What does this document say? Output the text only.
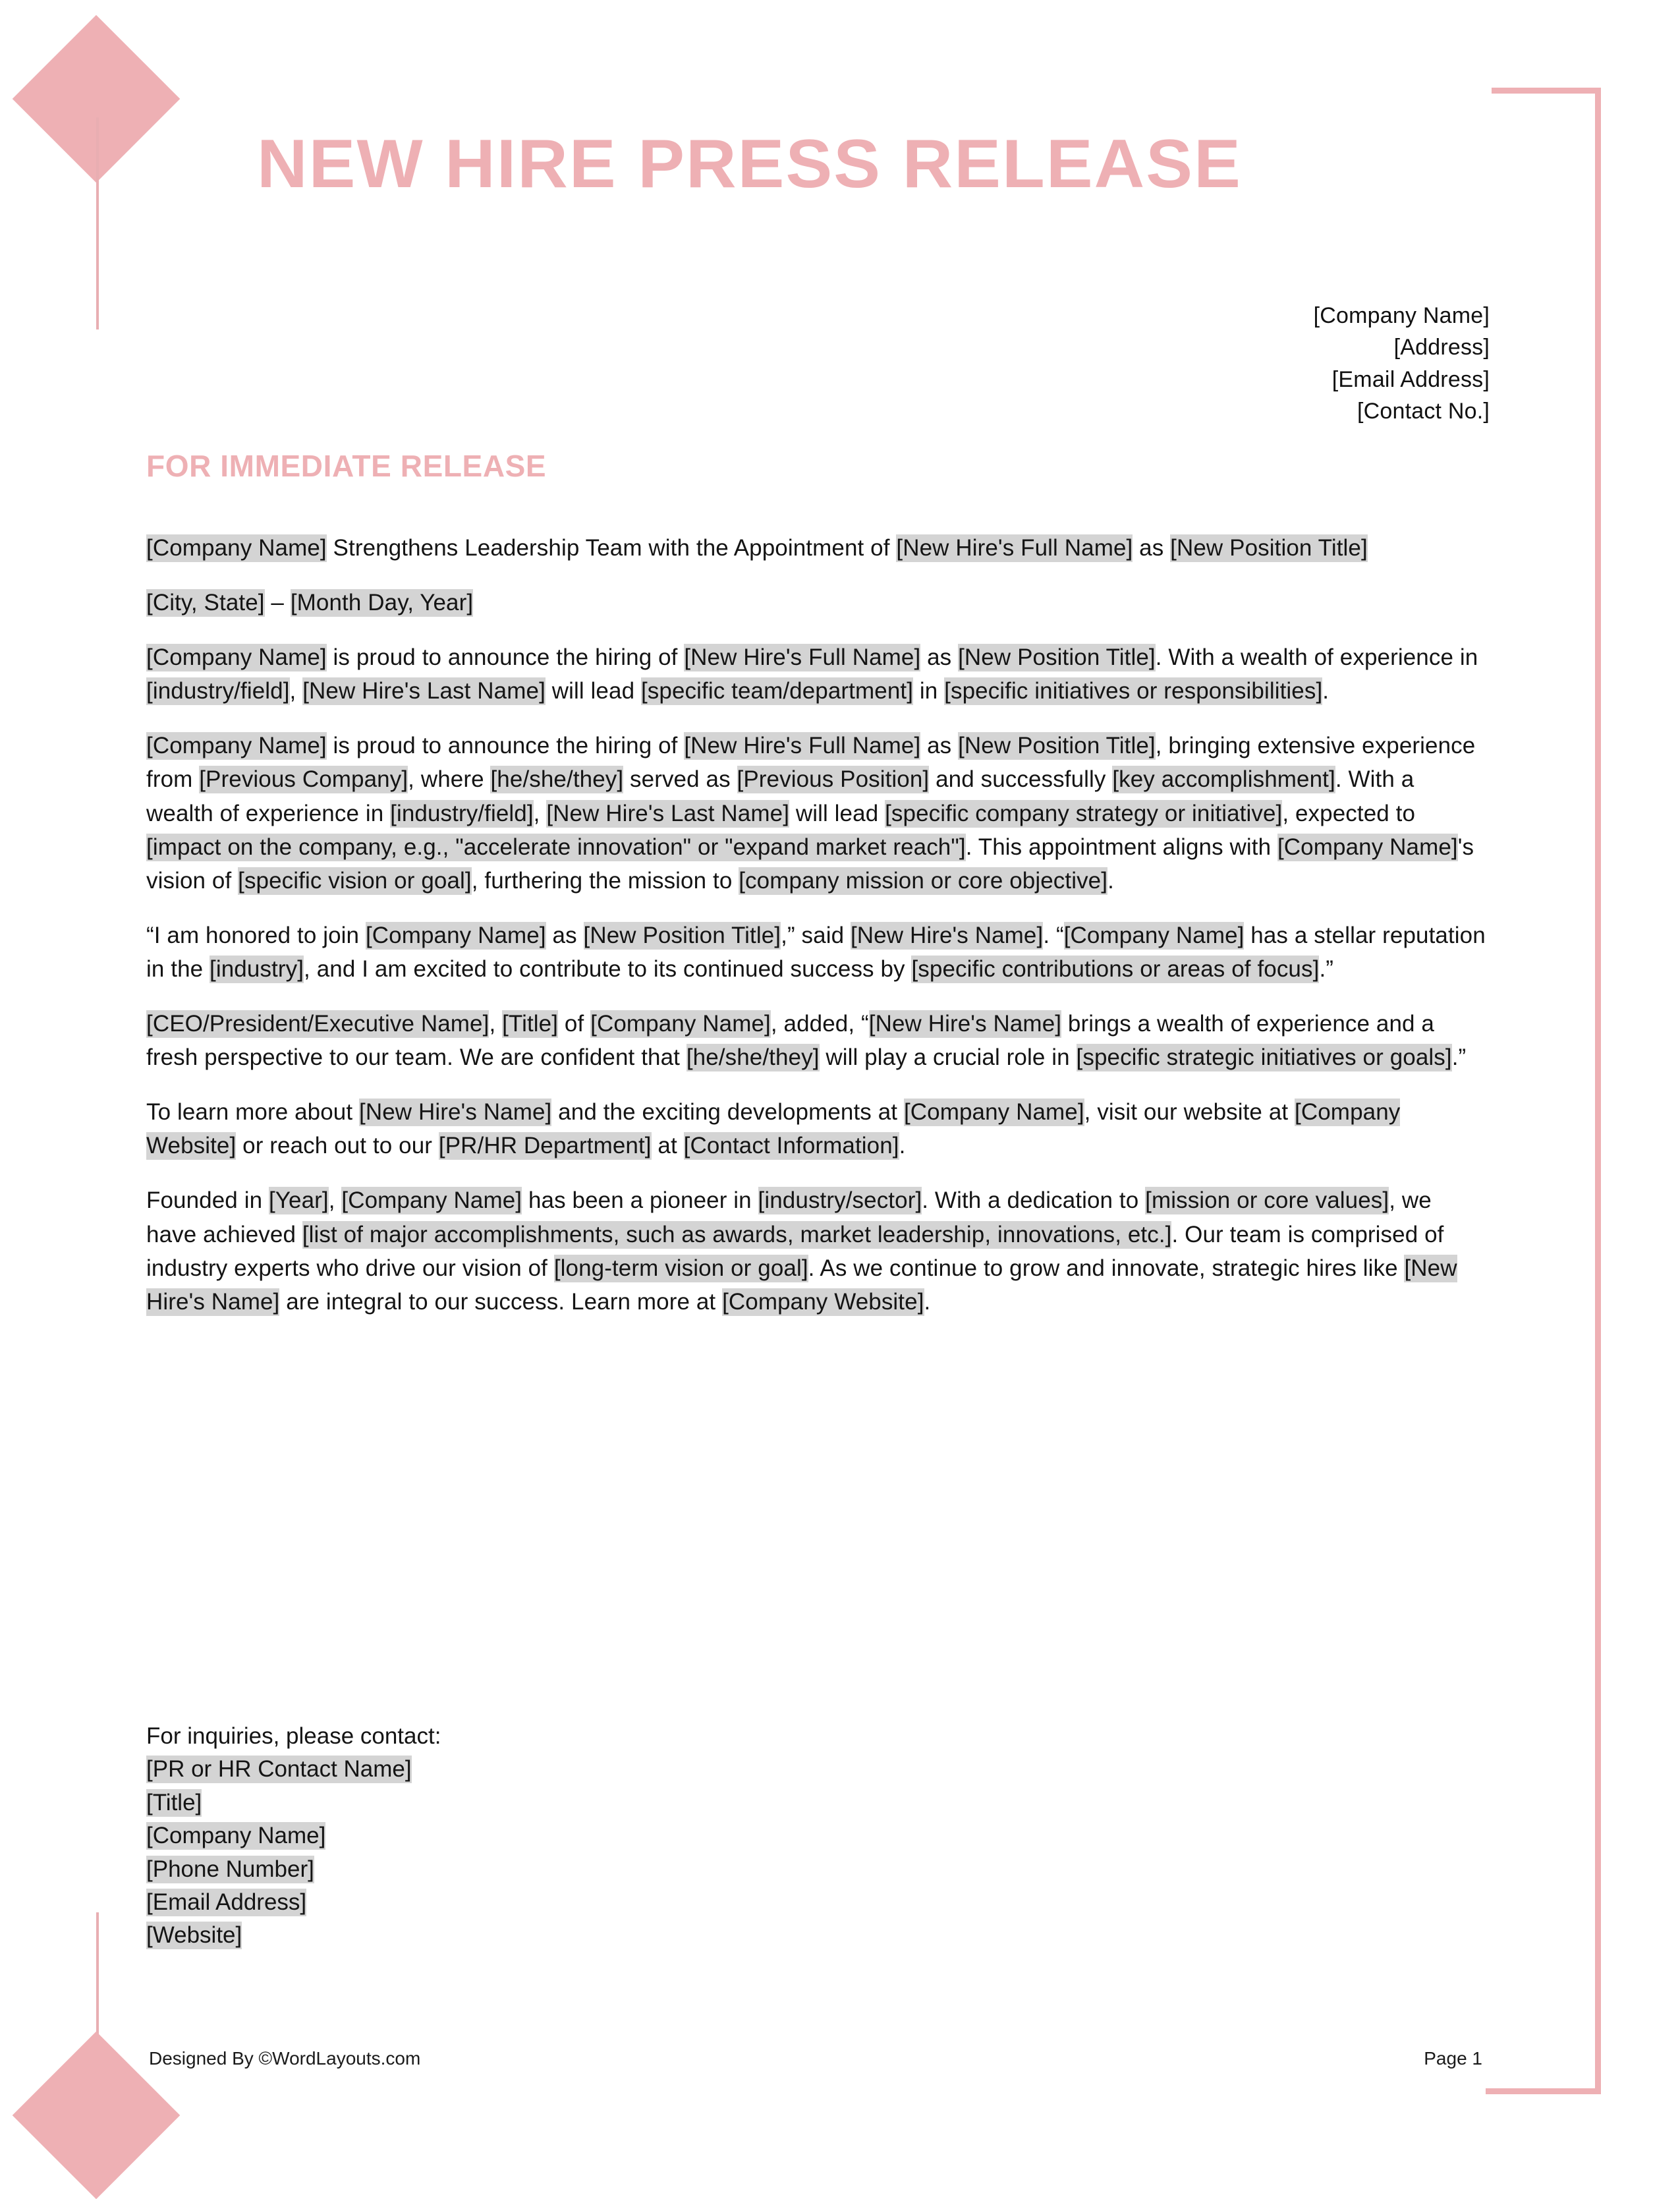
NEW HIRE PRESS RELEASE
[Company Name]
[Address]
[Email Address]
[Contact No.]
FOR IMMEDIATE RELEASE

[Company Name] Strengthens Leadership Team with the Appointment of [New Hire's Full Name] as [New Position Title]

[City, State] – [Month Day, Year]

[Company Name] is proud to announce the hiring of [New Hire's Full Name] as [New Position Title]. With a wealth of experience in [industry/field], [New Hire's Last Name] will lead [specific team/department] in [specific initiatives or responsibilities].

[Company Name] is proud to announce the hiring of [New Hire's Full Name] as [New Position Title], bringing extensive experience from [Previous Company], where [he/she/they] served as [Previous Position] and successfully [key accomplishment]. With a wealth of experience in [industry/field], [New Hire's Last Name] will lead [specific company strategy or initiative], expected to [impact on the company, e.g., "accelerate innovation" or "expand market reach"]. This appointment aligns with [Company Name]'s vision of [specific vision or goal], furthering the mission to [company mission or core objective].

“I am honored to join [Company Name] as [New Position Title],” said [New Hire's Name]. “[Company Name] has a stellar reputation in the [industry], and I am excited to contribute to its continued success by [specific contributions or areas of focus].”

[CEO/President/Executive Name], [Title] of [Company Name], added, “[New Hire's Name] brings a wealth of experience and a fresh perspective to our team. We are confident that [he/she/they] will play a crucial role in [specific strategic initiatives or goals].”

To learn more about [New Hire's Name] and the exciting developments at [Company Name], visit our website at [Company Website] or reach out to our [PR/HR Department] at [Contact Information].

Founded in [Year], [Company Name] has been a pioneer in [industry/sector]. With a dedication to [mission or core values], we have achieved [list of major accomplishments, such as awards, market leadership, innovations, etc.]. Our team is comprised of industry experts who drive our vision of [long-term vision or goal]. As we continue to grow and innovate, strategic hires like [New Hire's Name] are integral to our success. Learn more at [Company Website].

For inquiries, please contact:
[PR or HR Contact Name]
[Title]
[Company Name]
[Phone Number]
[Email Address]
[Website]
Designed By ©WordLayouts.com	Page 1
